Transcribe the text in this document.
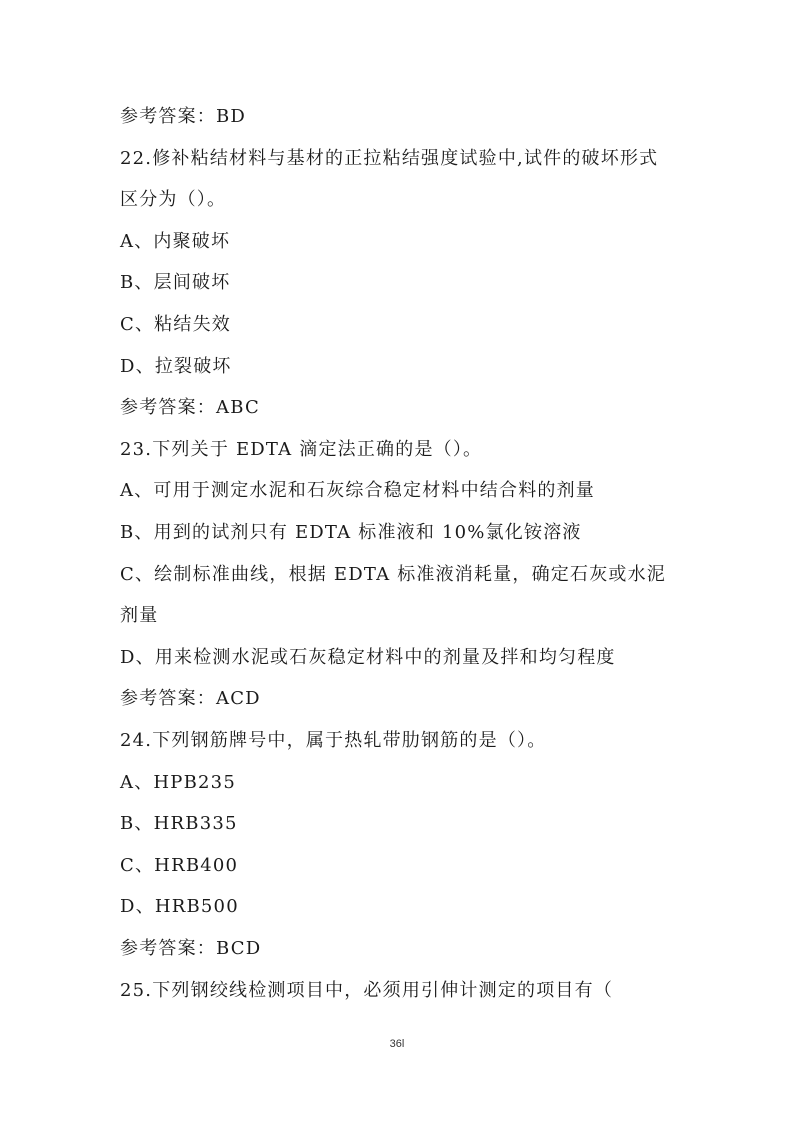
参考答案：BD
22.修补粘结材料与基材的正拉粘结强度试验中,试件的破坏形式
区分为（）。
A、内聚破坏
B、层间破坏
C、粘结失效
D、拉裂破坏
参考答案：ABC
23.下列关于 EDTA 滴定法正确的是（）。
A、可用于测定水泥和石灰综合稳定材料中结合料的剂量
B、用到的试剂只有 EDTA 标准液和 10%氯化铵溶液
C、绘制标准曲线，根据 EDTA 标准液消耗量，确定石灰或水泥
剂量
D、用来检测水泥或石灰稳定材料中的剂量及拌和均匀程度
参考答案：ACD
24.下列钢筋牌号中，属于热轧带肋钢筋的是（）。
A、HPB235
B、HRB335
C、HRB400
D、HRB500
参考答案：BCD
25.下列钢绞线检测项目中，必须用引伸计测定的项目有（
36l
